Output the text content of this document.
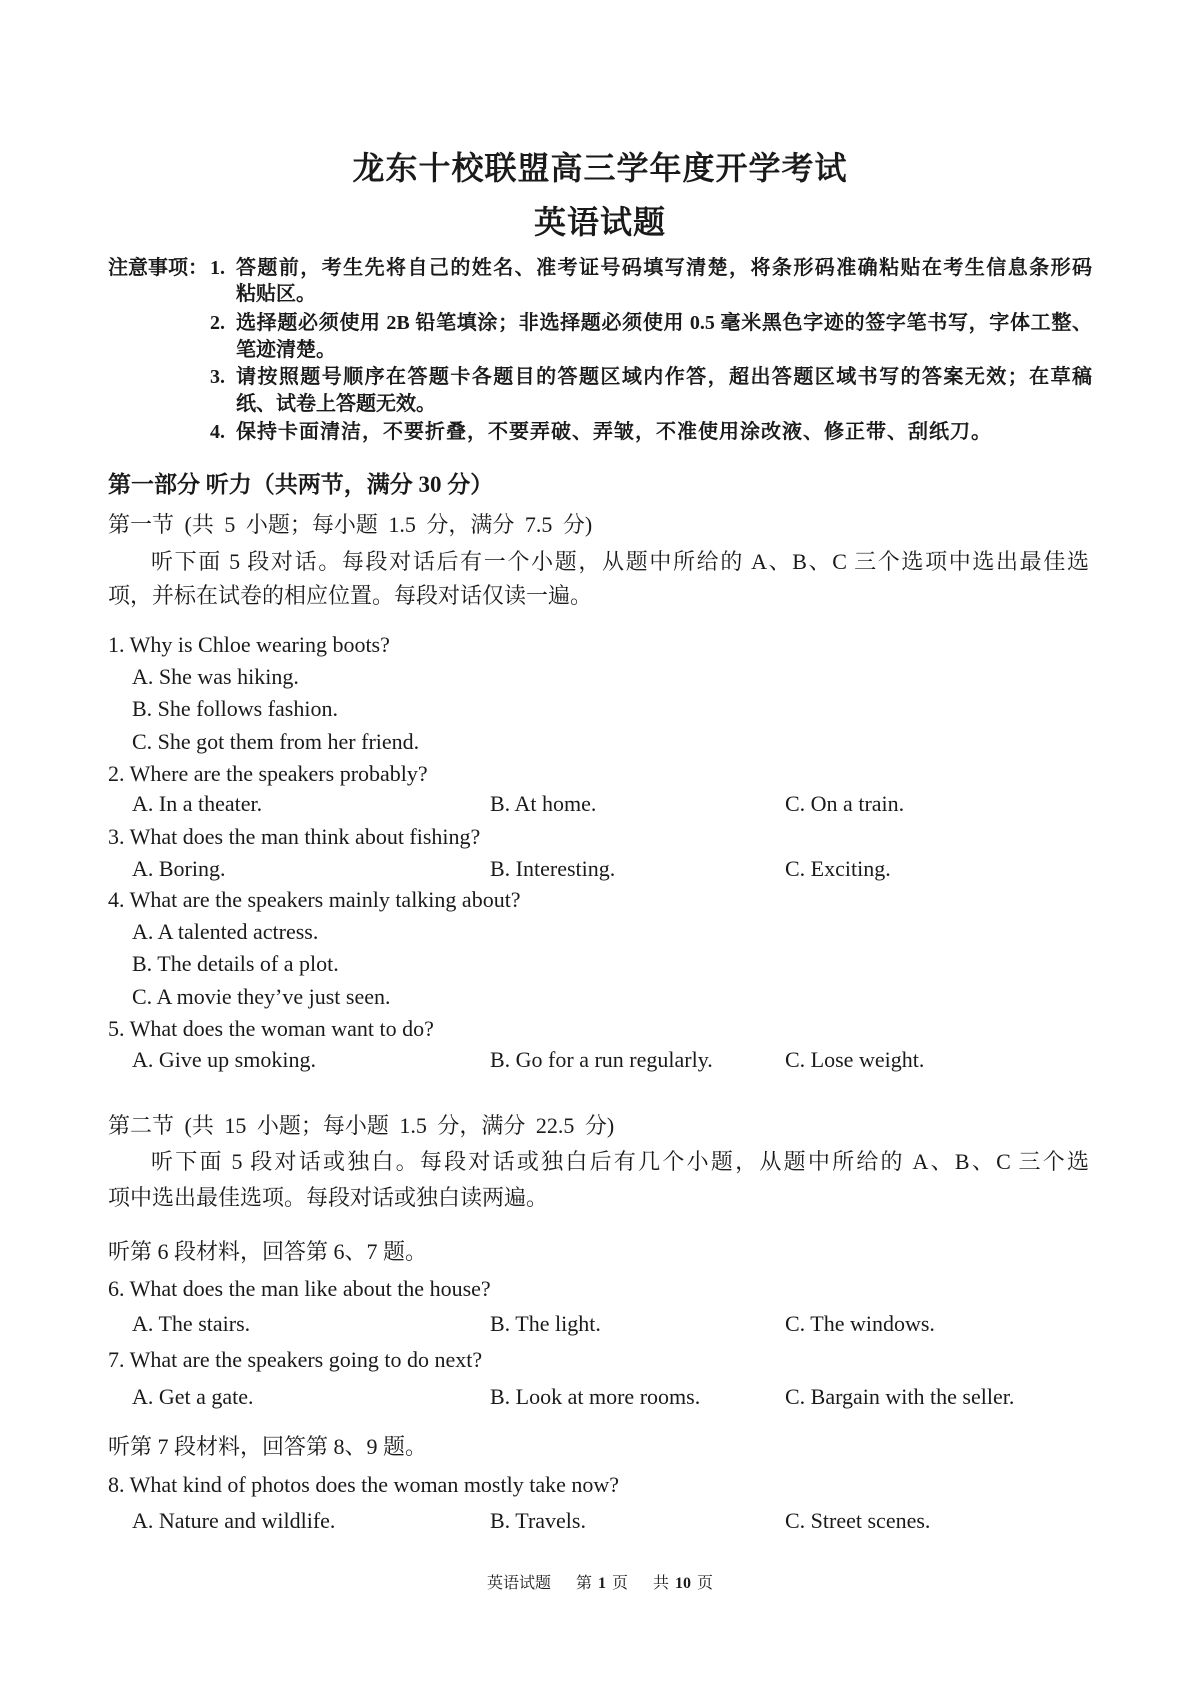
龙东十校联盟高三学年度开学考试
英语试题
注意事项： 1. 答题前，考生先将自己的姓名、准考证号码填写清楚，将条形码准确粘贴在考生信息条形码
粘贴区。
2. 选择题必须使用 2B 铅笔填涂；非选择题必须使用 0.5 毫米黑色字迹的签字笔书写，字体工整、
笔迹清楚。
3. 请按照题号顺序在答题卡各题目的答题区域内作答，超出答题区域书写的答案无效；在草稿
纸、试卷上答题无效。
4. 保持卡面清洁，不要折叠，不要弄破、弄皱，不准使用涂改液、修正带、刮纸刀。
第一部分 听力（共两节，满分 30 分）
第一节 (共 5 小题；每小题 1.5 分，满分 7.5 分)
听下面 5 段对话。每段对话后有一个小题，从题中所给的 A、B、C 三个选项中选出最佳选
项，并标在试卷的相应位置。每段对话仅读一遍。
1. Why is Chloe wearing boots?
A. She was hiking.
B. She follows fashion.
C. She got them from her friend.
2. Where are the speakers probably?
A. In a theater.	B. At home.	C. On a train.
3. What does the man think about fishing?
A. Boring.	B. Interesting.	C. Exciting.
4. What are the speakers mainly talking about?
A. A talented actress.
B. The details of a plot.
C. A movie they’ve just seen.
5. What does the woman want to do?
A. Give up smoking.	B. Go for a run regularly.	C. Lose weight.
第二节 (共 15 小题；每小题 1.5 分，满分 22.5 分)
听下面 5 段对话或独白。每段对话或独白后有几个小题，从题中所给的 A、B、C 三个选
项中选出最佳选项。每段对话或独白读两遍。
听第 6 段材料，回答第 6、7 题。
6. What does the man like about the house?
A. The stairs.	B. The light.	C. The windows.
7. What are the speakers going to do next?
A. Get a gate.	B. Look at more rooms.	C. Bargain with the seller.
听第 7 段材料，回答第 8、9 题。
8. What kind of photos does the woman mostly take now?
A. Nature and wildlife.	B. Travels.	C. Street scenes.
英语试题 第 1 页 共 10 页
